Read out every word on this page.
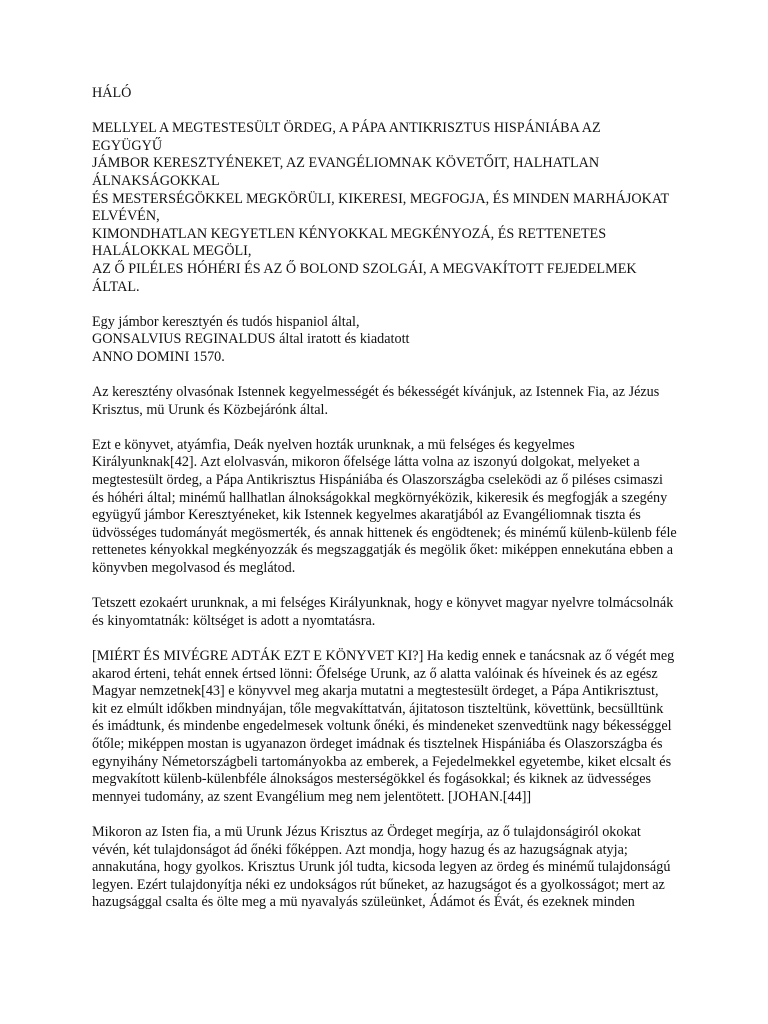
HÁLÓ
MELLYEL A MEGTESTESÜLT ÖRDEG, A PÁPA ANTIKRISZTUS HISPÁNIÁBA AZ
EGYÜGYŰ
JÁMBOR KERESZTYÉNEKET, AZ EVANGÉLIOMNAK KÖVETŐIT, HALHATLAN
ÁLNAKSÁGOKKAL
ÉS MESTERSÉGÖKKEL MEGKÖRÜLI, KIKERESI, MEGFOGJA, ÉS MINDEN MARHÁJOKAT
ELVÉVÉN,
KIMONDHATLAN KEGYETLEN KÉNYOKKAL MEGKÉNYOZÁ, ÉS RETTENETES
HALÁLOKKAL MEGÖLI,
AZ Ő PILÉLES HÓHÉRI ÉS AZ Ő BOLOND SZOLGÁI, A MEGVAKÍTOTT FEJEDELMEK
ÁLTAL.
Egy jámbor keresztyén és tudós hispaniol által,
GONSALVIUS REGINALDUS által iratott és kiadatott
ANNO DOMINI 1570.
Az keresztény olvasónak Istennek kegyelmességét és békességét kívánjuk, az Istennek Fia, az Jézus
Krisztus, mü Urunk és Közbejárónk által.
Ezt e könyvet, atyámfia, Deák nyelven hozták urunknak, a mü felséges és kegyelmes
Királyunknak[42]. Azt elolvasván, mikoron őfelsége látta volna az iszonyú dolgokat, melyeket a
megtestesült ördeg, a Pápa Antikrisztus Hispániába és Olaszországba cseleködi az ő piléses csimaszi
és hóhéri által; minémű hallhatlan álnokságokkal megkörnyéközik, kikeresik és megfogják a szegény
együgyű jámbor Keresztyéneket, kik Istennek kegyelmes akaratjából az Evangéliomnak tiszta és
üdvösséges tudományát megösmerték, és annak hittenek és engödtenek; és minémű külenb-külenb féle
rettenetes kényokkal megkényozzák és megszaggatják és megölik őket: miképpen ennekutána ebben a
könyvben megolvasod és meglátod.
Tetszett ezokaért urunknak, a mi felséges Királyunknak, hogy e könyvet magyar nyelvre tolmácsolnák
és kinyomtatnák: költséget is adott a nyomtatásra.
[MIÉRT ÉS MIVÉGRE ADTÁK EZT E KÖNYVET KI?] Ha kedig ennek e tanácsnak az ő végét meg
akarod érteni, tehát ennek értsed lönni: Őfelsége Urunk, az ő alatta valóinak és híveinek és az egész
Magyar nemzetnek[43] e könyvvel meg akarja mutatni a megtestesült ördeget, a Pápa Antikrisztust,
kit ez elmúlt időkben mindnyájan, tőle megvakíttatván, ájitatoson tiszteltünk, követtünk, becsülltünk
és imádtunk, és mindenbe engedelmesek voltunk őnéki, és mindeneket szenvedtünk nagy békességgel
őtőle; miképpen mostan is ugyanazon ördeget imádnak és tisztelnek Hispániába és Olaszországba és
egynyihány Németországbeli tartományokba az emberek, a Fejedelmekkel egyetembe, kiket elcsalt és
megvakított külenb-külenbféle álnokságos mesterségökkel és fogásokkal; és kiknek az üdvességes
mennyei tudomány, az szent Evangélium meg nem jelentötett. [JOHAN.[44]]
Mikoron az Isten fia, a mü Urunk Jézus Krisztus az Ördeget megírja, az ő tulajdonságiról okokat
vévén, két tulajdonságot ád őnéki főképpen. Azt mondja, hogy hazug és az hazugságnak atyja;
annakutána, hogy gyolkos. Krisztus Urunk jól tudta, kicsoda legyen az ördeg és minémű tulajdonságú
legyen. Ezért tulajdonyítja néki ez undokságos rút bűneket, az hazugságot és a gyolkosságot; mert az
hazugsággal csalta és ölte meg a mü nyavalyás szüleünket, Ádámot és Évát, és ezeknek minden
